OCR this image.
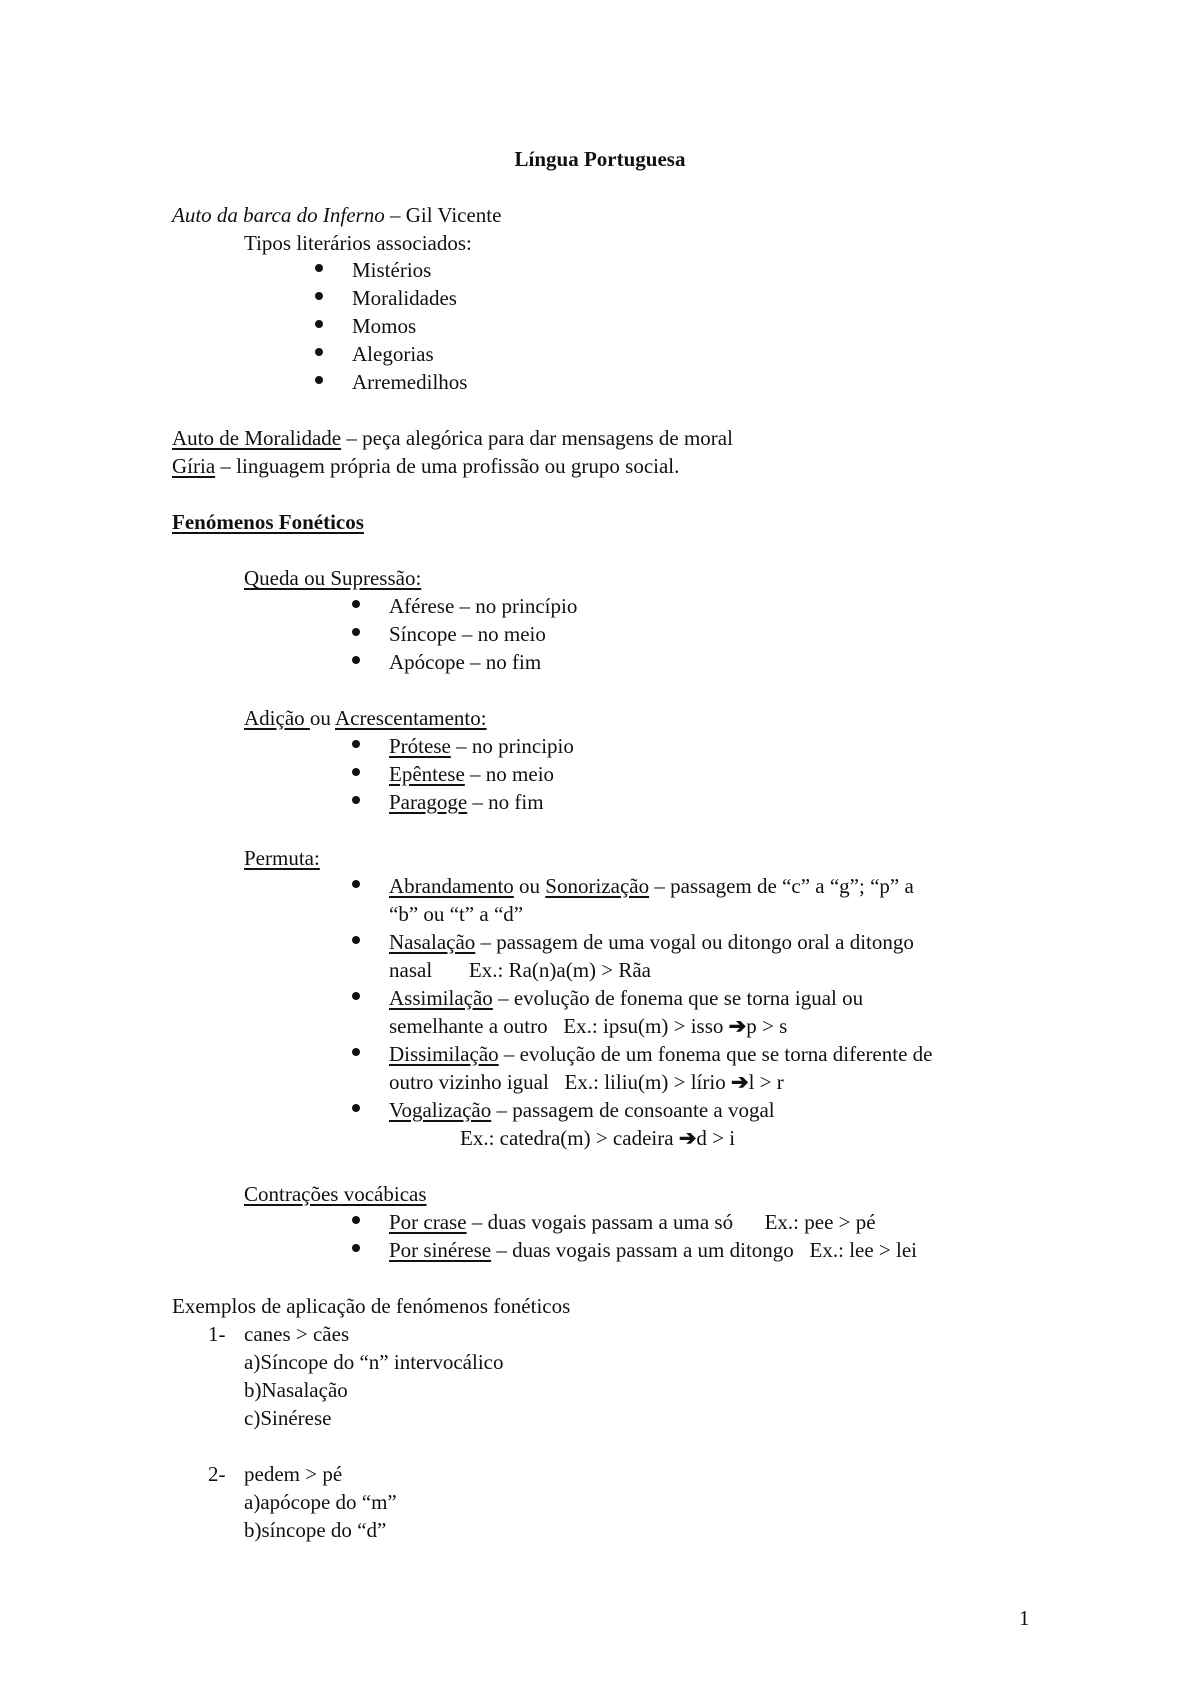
Língua Portuguesa
Auto da barca do Inferno – Gil Vicente
Tipos literários associados:
Mistérios
Moralidades
Momos
Alegorias
Arremedilhos
Auto de Moralidade – peça alegórica para dar mensagens de moral
Gíria – linguagem própria de uma profissão ou grupo social.
Fenómenos Fonéticos
Queda ou Supressão:
Aférese – no princípio
Síncope – no meio
Apócope – no fim
Adição ou Acrescentamento:
Prótese – no principio
Epêntese – no meio
Paragoge – no fim
Permuta:
Abrandamento ou Sonorização – passagem de “c” a “g”; “p” a
“b” ou “t” a “d”
Nasalação – passagem de uma vogal ou ditongo oral a ditongo
nasal       Ex.: Ra(n)a(m) > Rãa
Assimilação – evolução de fonema que se torna igual ou
semelhante a outro   Ex.: ipsu(m) > isso ➔p > s
Dissimilação – evolução de um fonema que se torna diferente de
outro vizinho igual   Ex.: liliu(m) > lírio ➔l > r
Vogalização – passagem de consoante a vogal
Ex.: catedra(m) > cadeira ➔d > i
Contrações vocábicas
Por crase – duas vogais passam a uma só      Ex.: pee > pé
Por sinérese – duas vogais passam a um ditongo   Ex.: lee > lei
Exemplos de aplicação de fenómenos fonéticos
1- canes > cães
a)Síncope do “n” intervocálico
b)Nasalação
c)Sinérese
2- pedem > pé
a)apócope do “m”
b)síncope do “d”
1
